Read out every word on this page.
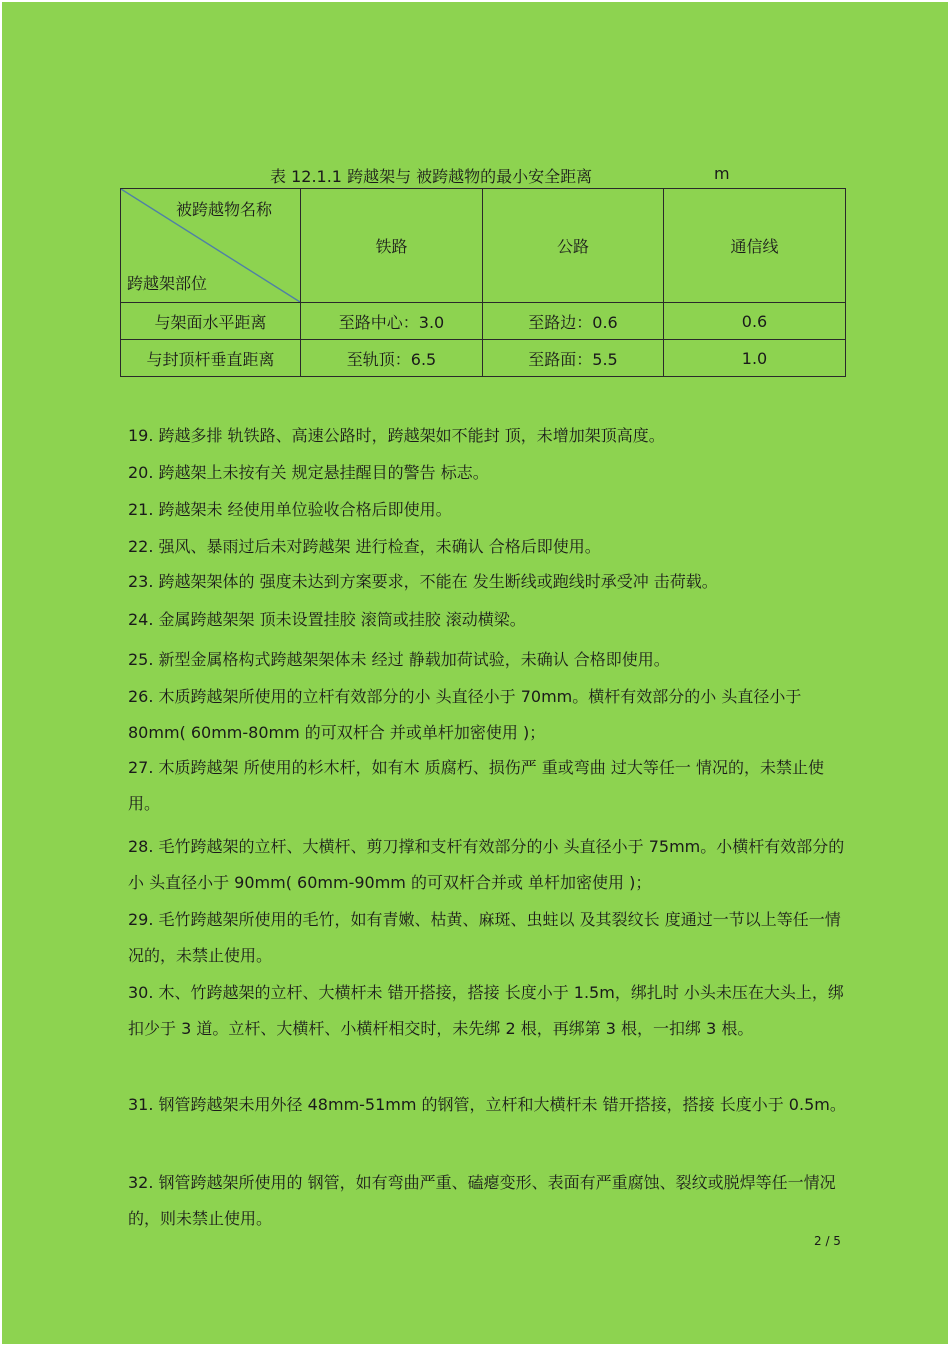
表 12.1.1 跨越架与 被跨越物的最小安全距离	m
被跨越物名称
跨越架部位	铁路	公路	通信线
与架面水平距离	至路中心：3.0	至路边：0.6	0.6
与封顶杆垂直距离	至轨顶：6.5	至路面：5.5	1.0
19. 跨越多排 轨铁路、高速公路时，跨越架如不能封 顶，未增加架顶高度。
20. 跨越架上未按有关 规定悬挂醒目的警告 标志。
21. 跨越架未 经使用单位验收合格后即使用。
22. 强风、暴雨过后未对跨越架 进行检查，未确认 合格后即使用。
23. 跨越架架体的 强度未达到方案要求，不能在 发生断线或跑线时承受冲 击荷载。
24. 金属跨越架架 顶未设置挂胶 滚筒或挂胶 滚动横梁。
25. 新型金属格构式跨越架架体未 经过 静载加荷试验，未确认 合格即使用。
26. 木质跨越架所使用的立杆有效部分的小 头直径小于 70mm。横杆有效部分的小 头直径小于 80mm( 60mm-80mm 的可双杆合 并或单杆加密使用 )；
27. 木质跨越架 所使用的杉木杆，如有木 质腐朽、损伤严 重或弯曲 过大等任一 情况的，未禁止使用。
28. 毛竹跨越架的立杆、大横杆、剪刀撑和支杆有效部分的小 头直径小于 75mm。小横杆有效部分的小 头直径小于 90mm( 60mm-90mm 的可双杆合并或 单杆加密使用 )；
29. 毛竹跨越架所使用的毛竹，如有青嫩、枯黄、麻斑、虫蛀以 及其裂纹长 度通过一节以上等任一情况的，未禁止使用。
30. 木、竹跨越架的立杆、大横杆未 错开搭接，搭接 长度小于 1.5m，绑扎时 小头未压在大头上，绑扣少于 3 道。立杆、大横杆、小横杆相交时，未先绑 2 根，再绑第 3 根，一扣绑 3 根。
31. 钢管跨越架未用外径 48mm-51mm 的钢管，立杆和大横杆未 错开搭接，搭接 长度小于 0.5m。
32. 钢管跨越架所使用的 钢管，如有弯曲严重、磕瘪变形、表面有严重腐蚀、裂纹或脱焊等任一情况的，则未禁止使用。
2 / 5
